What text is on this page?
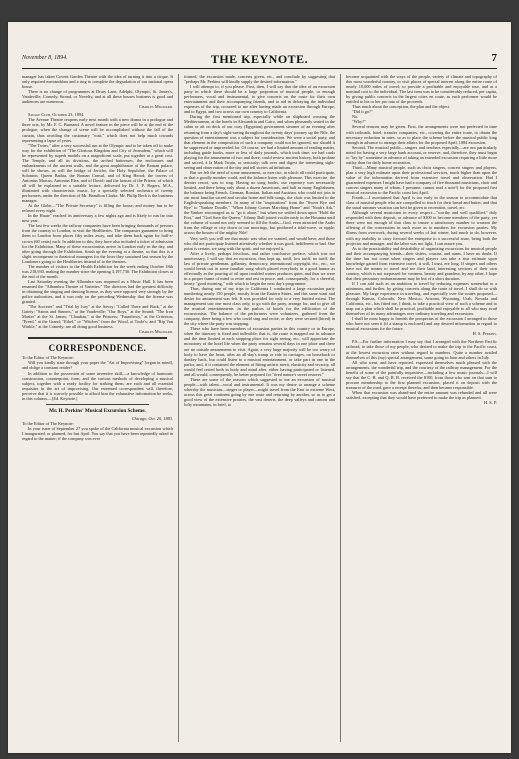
November 8, 1894.	THE KEYNOTE.	7

manager has taken Covent Garden Theatre with the idea of turning it into a cirque. It only required merrandshns and a ring to complete the degradation of our national opera house.

There is no change of programmes at Drury Lane, Adelphi, Olympic, St. James's, Vaudeville, Comedy, Strand, or Novelty, and at all these houses business is good and audiences are numerous.

Charles Millward.

Savage Club, October 23, 1894.

The Avenue Theatre reopens early next month with a new drama in a prologue and three acts, by Mr. F. C. Burnand. A novel feature in the piece will be at the end of the prologue, when the change of scene will be accomplished without the fall of the curtain, thus avoiding the customary "wait," which does not help much towards representing a lapse of years.

"The Twins," after a very successful run at the Olympic and to be taken off to make way for the exhibition of "The Glorious Kingdom and City of Jerusalem," which will be represented by superb models on a magnificent scale, put together at a great cost. The Temple, and all its divisions, the arched buttresses, the enclosures and embankments of the ancient walls, and the great amphitheatre of the Roman palace, will be shown, as will the bridge of Jericho, the Holy Sepulchre, the Palace of Solomon, Queen Bathia, the Roman Consul, and of King Herod; the towers of Antonius Marcus, Antonius Elea, and of David; and the houses of the Priests; of which all will be explained in a suitable lecture, delivered by Dr. J. F. Rogers, M.A., illustrated with characteristic music, by a specially selected orchestra of twenty performers, under the direction of Mr. Hamilton Clarke. Mr. Philip Beck is the business manager.

At the Globe—"The Private Secretary" is filling the house, and money has to be refused every night.

In the Haute" reached its anniversary a few nights ago and is likely to run far into next year.

The last few weeks the railway companies have been bringing thousands of persons from the country to London, to visit the Healtheries. The companies guarantee to bring them to London from places fifty miles away, and take them back again for half-a-crown (60 cents) each. In addition to this, they have also included a ticket of admission for the Exhibition. Many of these excursionists arrive in London early in the day, and after going through the Exhibition, finish up the evening at a theatre, so that this is a slight recompense to theatrical managers for the loser they sustained last season by the Londoners going to the Healtheries instead of to the theatres.

The number of visitors to the Health Exhibition for the week ending October 18th was 218,930, making the number since the opening 3,197,730. The Exhibition closes at the end of the month.

Last Saturday evening the Alhambra was reopened as a Music Hall. It has been renamed the "Alhambra Theatre of Varieties." The directors had the greatest difficulty in obtaining the singing and dancing license, as they were opposed very strongly by the police authorities, and it was only on the preceding Wednesday that the license was granted.

"The Sorcerer" and "Trial by Jury" at the Savoy; "Called There and Back," at the Gaiety; "Saints and Sinners," at the Vaudeville; "Our Boys," at the Strand; "The Iron Master" at the St. James; "Claudian," at the Princess; "Fauntleroy," at the Criterion; "Freed," at the Grand; "Ethel," or "Witches" from the Wood, at Toole's; and "Rip Van Winkle," at the Comedy; are all doing good business.

Charles Millward.

CORRESPONDENCE.

To the Editor of The Keynote:

Will you kindly state through your paper the "Art of Improvising" [organ in mind], and oblige a constant reader?

In addition to the possession of some inventive skill,—a knowledge of harmonic construction, counterpoint, form, and the various methods of developing a musical subject, together with a ready facility for striking them, are each and all essential requisites in the art of improvising. Our esteemed correspondent will, therefore, perceive that it is scarcely possible to afford him the exhaustive information he seeks, in this column.—[Ed. Keynote.]

Mr. H. Perkins' Musical Excursion Scheme.

Chicago, Oct. 20, 1883.

To the Editor of The Keynote:

In your issue of September 27 you spoke of the California musical excursion which I inaugurated, or planned, for last April. You say that you have been repeatedly asked in regard to the matter; if the company was ever

formed, the excursion made, concerts given, etc., and conclude by suggesting that "perhaps Mr. Perkins will kindly supply the desired information."

I will attempt to, if you please. First, then, I will say that the idea of an excursion party in which there should be a large proportion of musical people, or enough performers, vocal and instrumental, to give concerts on the route for their own entertainment and their accompanying friends, and to aid in defraying the individual expenses of the trip, occurred to me after having made an excursion through Europe, and to Egypt, and two across our own country to California.

During the first mentioned trip, especially while on shipboard crossing the Mediterranean, at the hotels in Alexandria and Cairo, and when pleasantly seated in the cabin or aft on deck of our cozy (Egyptian) government steamer of an evening after returning from a day's sight-seeing throughout the twenty days' journey up the Nile, the question of entertainment was a subject for consideration. We were a social party, and that element in the composition of such a company could not be ignored, nor should it be suppressed or unprovided for. Of course, we had a limited amount of reading matter, including guide books, more or less of daily journals, which took time; we had cards playing for the amusement of two and three; could review ancient history, both profane and sacred, à la Mark Twain, or seriously; talk over and digest the interesting sight-seeing and observation of the day and tell stories ad infinitum.

But we felt the need of some amusement, or exercise, in which all could participate, or that a goodly number could, and the balance listen with pleasure. This exercise, the dernier resort, was to sing. Having no song books, our repertory was necessarily limited, and there being only about a dozen Americans, and half as many Englishmen, the balance being French, German, Russian, Italian and Austrian, who could not join in our most familiar sacred and secular home and folk-songs, the choir was limited to the English-speaking members. In many of the "inspirations" from the "Sweet Bye and Bye" to "Yankee Doodle," "When Johnny Comes Marching Home" and "Noah's Ark," the Yankee encouraged us to "go it alone," but when we settled down upon "Hold the Fort," and "God Save the Queen," Johnny Bull joined vociferously in the Hosanna until the volume of sound not only seemed to fill the Arabs—God, even attracted the Arabs from the village or city down to our moorings, but produced a tidal-wave, or ripple, across the bosom of the mighty Nile!

Very well; you will see that music was what we wanted, and would have, and those who did not participate listened attentively whether it was good, indifferent or bad. One point is certain, we sang with the spirit, and we enjoyed it.

After a lively, perhaps frivolous, and rather conclusive preface, which was not unnecessary, I will say that an excursion, thus kept up, tariff, low tariff, no tariff, the law of private gentleman, gallantry, democracy, international copyright, etc., etc., we would break out in some familiar song which placed everybody in a good humor as effectually as the pouring of oil upon troubled waters produces quiet, and thus we were in a proper frame of mind to retire and rest in peace, and, consequently, for a cheerful, hearty "good morning," with which to begin the next day's programme.

Thus, during one of my trips to California I conducted a large excursion party numbering nearly 150 people, mostly from the Eastern States, and this same want and desire for amusement was felt. It was provided for only to a very limited extent. The management saw one most class only, to go with the party, arrange for, and to give all the musical entertainments ,in the parlors of hotels for the edification of the excursionists. The balance of the performers were volunteers, gathered from the company, there being a few who could sing and recite, or they were secured (hired) in the city where the party was stopping.

These who have been members of excursion parties in this country or in Europe, when the itinerary is fixed and inflexible; that is, the route is mapped out in advance and the time limited at each stopping place for sight seeing, etc., will appreciate the monotony of the hotel life when the party remains several days in one place and there are no outside amusements to visit. Again, a very large majority will be too weary of body to have the heart, after an all-day's tramp or ride in carriages, on horseback or donkey back, but could listen to a musical entertainment, or take part in one in the parlor, and, if it contained the element of fitting artistic merit, elasticity and vivacity, all would feel rested both in body and mind after, either having participated or listened, and all would, consequently, be better prepared for "tired nature's sweet restorer."

These are some of the reasons which suggested to me an excursion of musical people—with talent—vocal and instrumental. It was my desire to arrange a scheme whereby the musician—singer or player—might travel from the East to extreme West, across this great continent going by one route and returning by another, so as to get a good view of the extensive prairies, the vast deserts, the deep valleys and canons and lofty mountains, in brief, to

become acquainted with the ways of the people, variety of climate and topography of this most wonderful country, to visit places of special interest along the entire route of nearly 10,000 miles of travel; to provide a profitable and enjoyable tour, and at a nominal cost to the individual. The last item was to be considerably reduced, per capita, by giving public concerts in the largest cities en route, as each performer would be entitled to his or her pro rata of the proceeds.

Thus much about the conception, the plan and the object.

"Did it go?"

No.

"Why?"

Several reasons may be given. First, the arrangements were not perfected in time with railroads, hotel, transfer companies, etc., covering the entire route, to obtain the necessary reduction in rates, so as to place the scheme before the musical public long enough in advance to arrange their affairs for the proposed April, 1884 excursion.

Second, The musical public—singers and teachers especially—are not particularly noted for having a very large bank account, or reserve, and, therefore, they must begin to "lay by" sometime in advance of taking an extended excursion requiring a little more outlay than for daily home recreation.

Third.—Many musical people, such as choir singers, concert singers and players, plan a very high estimate upon their professional services, much higher than upon the value of the information derived from extensive travel and observation. Had I guaranteed expenses I might have had a company of five thousand musicians, choir and concert singers many of whom, I presume, cannot read a note!) for the proposed first musical excursion to the Pacific coast last April.

Fourth.—I ascertained that April is too early in the season to accommodate that class of musical people who are compelled to teach for their bread and butter, and that the usual summer vacation can best be given to recreation, travel, etc.

Although several musicians in every respect—"worthy and well qualified," duly responded with their deposit, or advance of $100 to become members of the party, yet there were not enough of that class to insure a satisfactory number to warrant the offering of the concessions in such more as to numbers for excursion parties. My illness from overwork, during several weeks of last winter, had much to do, however, with my inability to carry forward the enterprise to a successful issue, being both the projector and manager, and the labor was not light, I can assure you.

As to the practicability and desirability of organizing excursions for musical people and their accompanying friends—their sisters, cousins, and aunts, I have no doubt. If the time has not come when singers and players can take a true estimate upon knowledge gained from extensive travel, it will, I trust, ere long. If singers and others have not the means to travel and see their land, interesting sections of their own country, which is not surpassed for vastness, beauty and grandeur, by any other, I hope that their pecuniary embarrassment may be but of a short duration.

If I can add such as an ambition to travel by reducing expenses somewhat to a minimum, and further, by giving concerts along the route of travel, I shall do so with pleasure. My large experience in traveling, and especially over the routes proposed—through Kansas, Colorado, New Mexico, Arizona, Wyoming, Utah, Nevada and California, etc., has fitted me, I think, to take a practical view of such a scheme and to map out a plan which shall be practical, profitable and enjoyable to all who may avail themselves of its many advantages over ordinary traveling and excursions.

I shall be most happy to furnish the prospectus of the excursion I arranged to those who have not seen it (if a stamp is enclosed) and any desired information in regard to musical excursions for the future.

H. S. Perkins.

P.S.—For further information I may say that I arranged with the Northern Pacific railroad, to take those of my people, who desired to make the trip to the Pacific coast, at the lowest excursion rates without regard to numbers. Quite a number availed themselves of this (my) special arrangement, some going in June and others in July.

All who went, and have reported, expressed themselves much pleased with the arrangements, the wonderful trip, and the courtesy of the railway management. For the benefit of some of the painfully inquisitive—including a few music journals—I will say that the C. B. and Q. R. R. received the $100, from those who sent on that sum to procure membership to the first planned excursion, placed it on deposit with the treasurer of the road, gave a receipt therefor, and then became responsible.

When that excursion was aband-ned the entire amount was refunded and all were satisfied, excepting that they would have preferred to make the trip as planned.

H. S. P.
